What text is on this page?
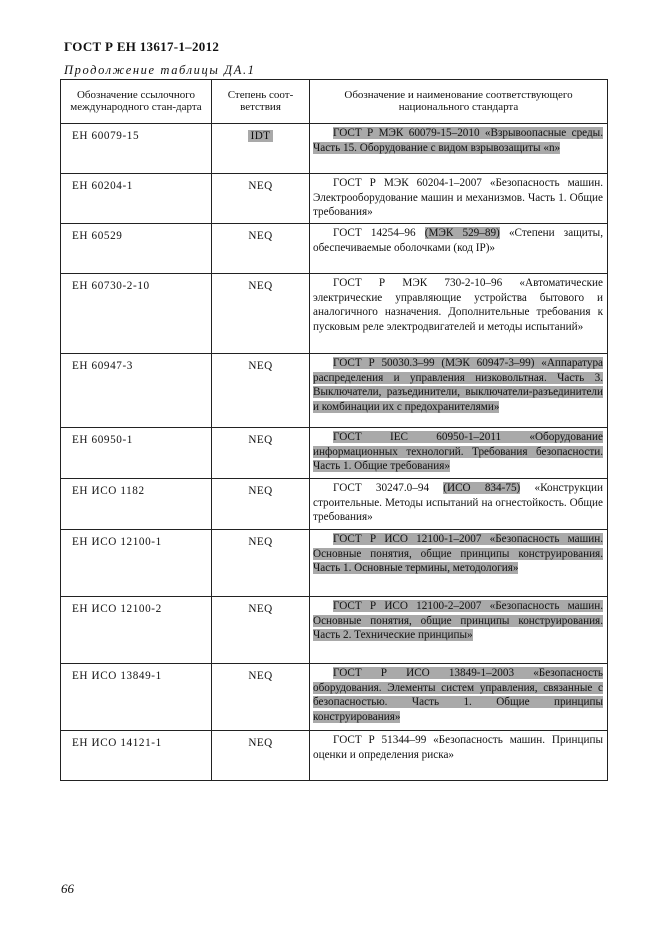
ГОСТ Р ЕН 13617-1–2012
Продолжение таблицы ДА.1
Обозначение ссылочного международного стан-дарта	Степень соот-ветствия	Обозначение и наименование соответствующего национального стандарта
ЕН 60079-15	IDT	ГОСТ Р МЭК 60079-15–2010 «Взрывоопасные среды. Часть 15. Оборудование с видом взрывозащиты «n»
ЕН 60204-1	NEQ	ГОСТ Р МЭК 60204-1–2007 «Безопасность машин. Электрооборудование машин и механизмов. Часть 1. Общие требования»
ЕН 60529	NEQ	ГОСТ 14254–96 (МЭК 529–89) «Степени защиты, обеспечиваемые оболочками (код IP)»
ЕН 60730-2-10	NEQ	ГОСТ Р МЭК 730-2-10–96 «Автоматические электрические управляющие устройства бытового и аналогичного назначения. Дополнительные требования к пусковым реле электродвигателей и методы испытаний»
ЕН 60947-3	NEQ	ГОСТ Р 50030.3–99 (МЭК 60947-3–99) «Аппаратура распределения и управления низковольтная. Часть 3. Выключатели, разъединители, выключатели-разъединители и комбинации их с предохранителями»
ЕН 60950-1	NEQ	ГОСТ IEC 60950-1–2011 «Оборудование информационных технологий. Требования безопасности. Часть 1. Общие требования»
ЕН ИСО 1182	NEQ	ГОСТ 30247.0–94 (ИСО 834-75) «Конструкции строительные. Методы испытаний на огнестойкость. Общие требования»
ЕН ИСО 12100-1	NEQ	ГОСТ Р ИСО 12100-1–2007 «Безопасность машин. Основные понятия, общие принципы конструирования. Часть 1. Основные термины, методология»
ЕН ИСО 12100-2	NEQ	ГОСТ Р ИСО 12100-2–2007 «Безопасность машин. Основные понятия, общие принципы конструирования. Часть 2. Технические принципы»
ЕН ИСО 13849-1	NEQ	ГОСТ Р ИСО 13849-1–2003 «Безопасность оборудования. Элементы систем управления, связанные с безопасностью. Часть 1. Общие принципы конструирования»
ЕН ИСО 14121-1	NEQ	ГОСТ Р 51344–99 «Безопасность машин. Принципы оценки и определения риска»
66
